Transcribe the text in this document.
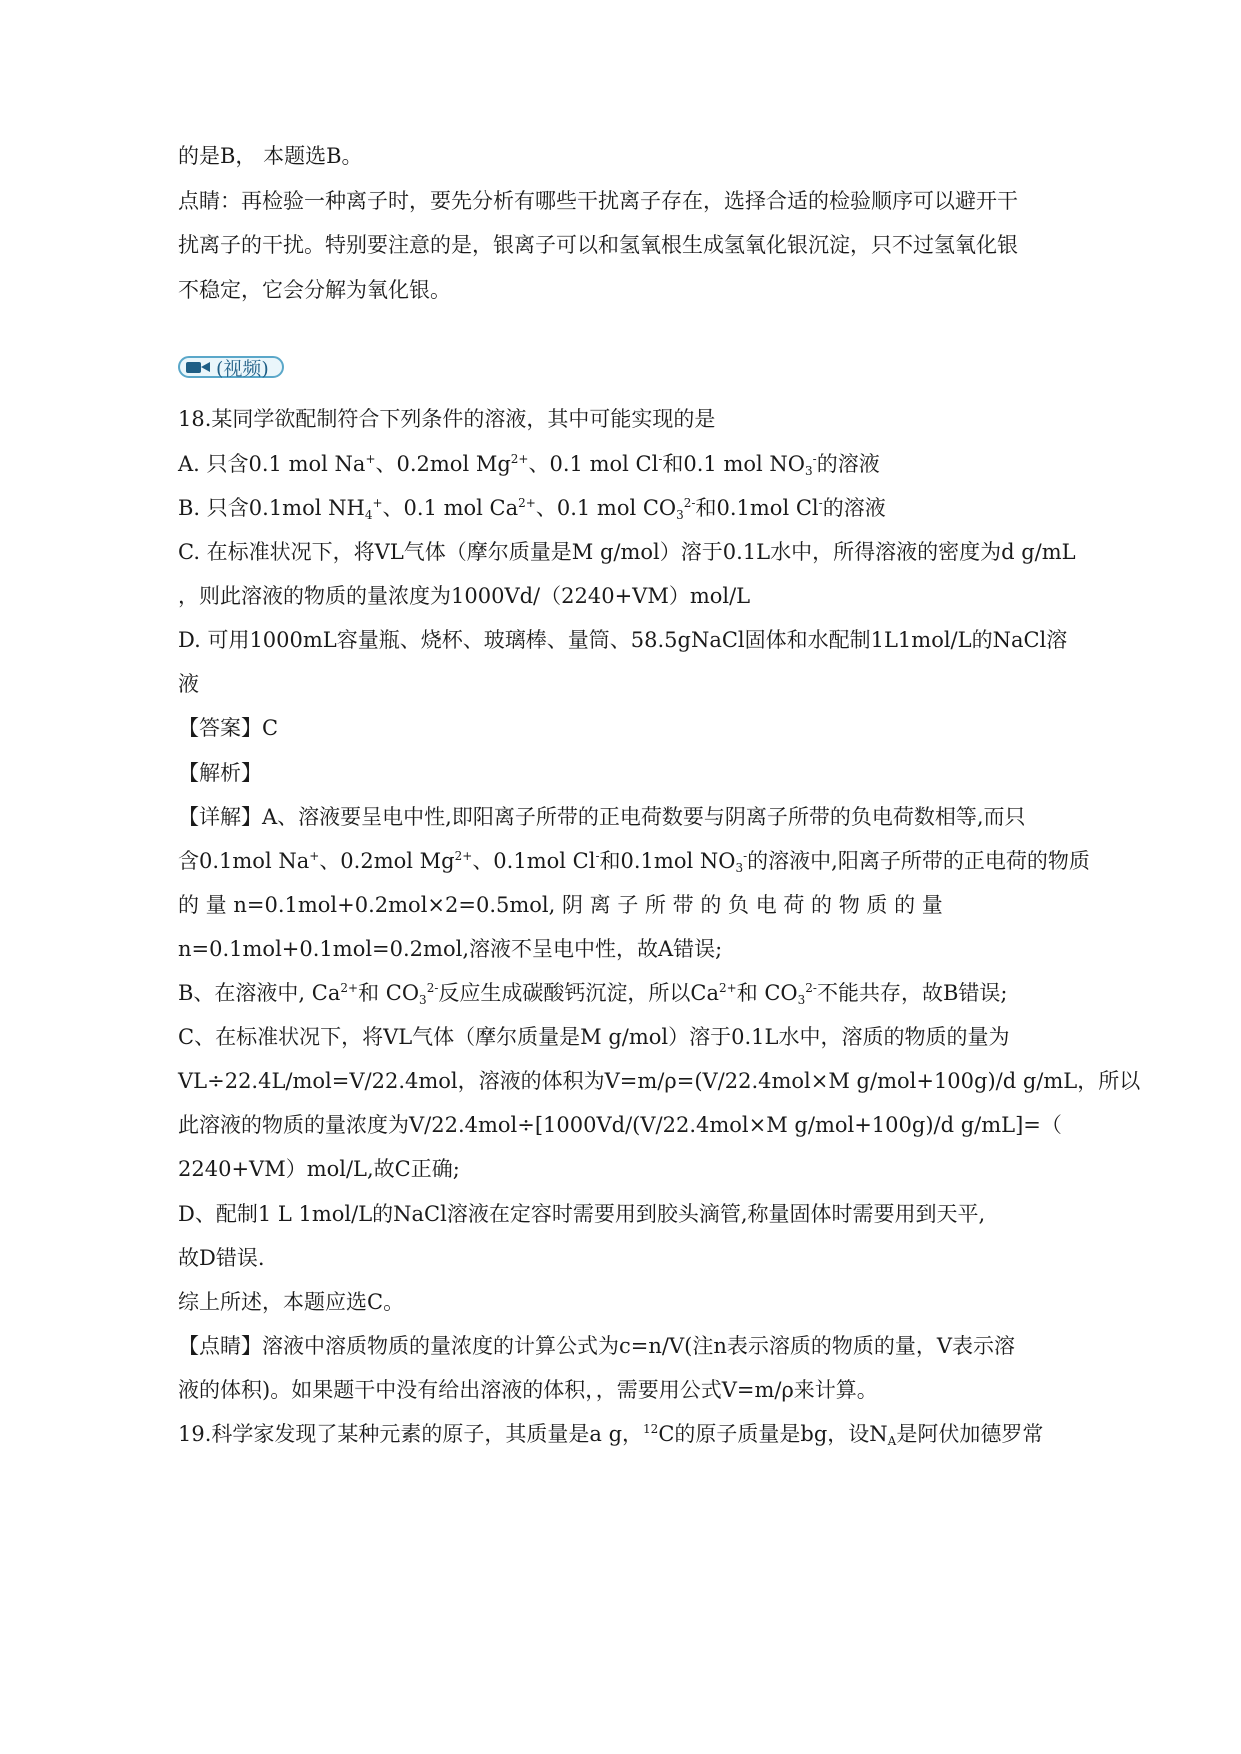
的是B， 本题选B。
点睛：再检验一种离子时，要先分析有哪些干扰离子存在，选择合适的检验顺序可以避开干
扰离子的干扰。特别要注意的是，银离子可以和氢氧根生成氢氧化银沉淀，只不过氢氧化银
不稳定，它会分解为氧化银。
(视频)
18.某同学欲配制符合下列条件的溶液，其中可能实现的是
A. 只含0.1 mol Na+、0.2mol $Mg^{2+}$、0.1 mol Cl-和0.1 mol $NO_3^-$的溶液
B. 只含0.1mol $NH_4^+$、0.1 mol $Ca^{2+}$、0.1 mol $CO_3^{2-}$和0.1mol Cl-的溶液
C. 在标准状况下，将VL气体（摩尔质量是M g/mol）溶于0.1L水中，所得溶液的密度为d g/mL
，则此溶液的物质的量浓度为1000Vd/（2240+VM）mol/L
D. 可用1000mL容量瓶、烧杯、玻璃棒、量筒、58.5gNaCl固体和水配制1L1mol/L的NaCl溶
液
【答案】C
【解析】
【详解】A、溶液要呈电中性,即阳离子所带的正电荷数要与阴离子所带的负电荷数相等,而只
含0.1mol Na+、0.2mol $Mg^{2+}$、0.1mol Cl-和0.1mol $NO_3^-$的溶液中,阳离子所带的正电荷的物质
的 量 n=0.1mol+0.2mol×2=0.5mol, 阴 离 子 所 带 的 负 电 荷 的 物 质 的 量
n=0.1mol+0.1mol=0.2mol,溶液不呈电中性，故A错误;
B、在溶液中, $Ca^{2+}$和 $CO_3^{2-}$反应生成碳酸钙沉淀，所以$Ca^{2+}$和 $CO_3^{2-}$不能共存，故B错误;
C、在标准状况下，将VL气体（摩尔质量是M g/mol）溶于0.1L水中，溶质的物质的量为
VL÷22.4L/mol=V/22.4mol，溶液的体积为V=m/ρ=(V/22.4mol×M g/mol+100g)/d g/mL，所以
此溶液的物质的量浓度为V/22.4mol÷[1000Vd/(V/22.4mol×M g/mol+100g)/d g/mL]=（
2240+VM）mol/L,故C正确;
D、配制1 L 1mol/L的NaCl溶液在定容时需要用到胶头滴管,称量固体时需要用到天平,
故D错误.
综上所述，本题应选C。
【点睛】溶液中溶质物质的量浓度的计算公式为c=n/V(注n表示溶质的物质的量，V表示溶
液的体积)。如果题干中没有给出溶液的体积，，需要用公式V=m/ρ来计算。
19.科学家发现了某种元素的原子，其质量是a g，$^{12}$C的原子质量是bg，设$N_A$是阿伏加德罗常
